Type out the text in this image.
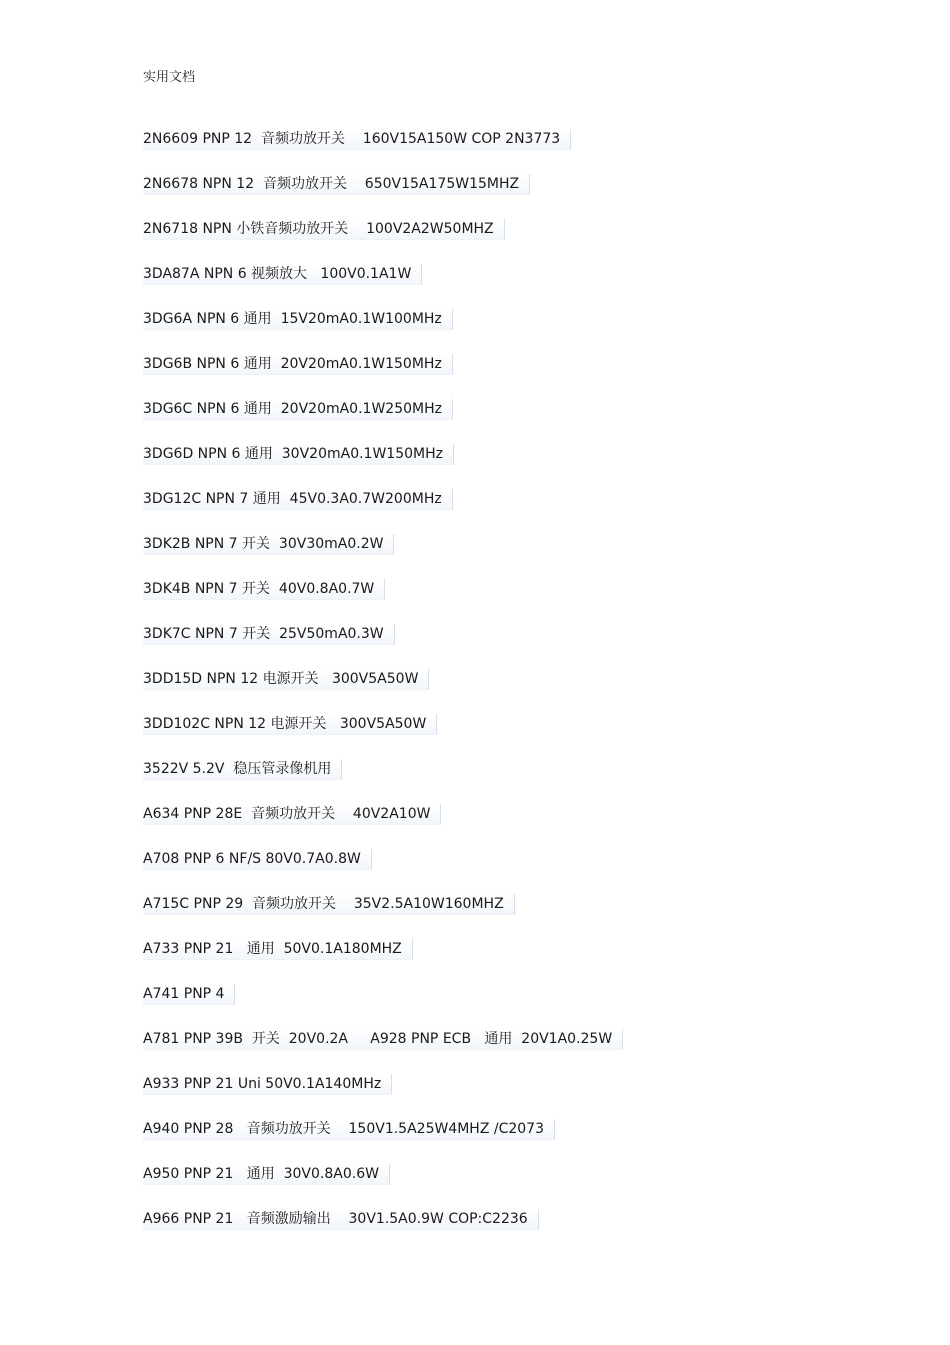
实用文档
2N6609 PNP 12  音频功放开关    160V15A150W COP 2N3773
2N6678 NPN 12  音频功放开关    650V15A175W15MHZ
2N6718 NPN 小铁音频功放开关    100V2A2W50MHZ
3DA87A NPN 6 视频放大   100V0.1A1W
3DG6A NPN 6 通用  15V20mA0.1W100MHz
3DG6B NPN 6 通用  20V20mA0.1W150MHz
3DG6C NPN 6 通用  20V20mA0.1W250MHz
3DG6D NPN 6 通用  30V20mA0.1W150MHz
3DG12C NPN 7 通用  45V0.3A0.7W200MHz
3DK2B NPN 7 开关  30V30mA0.2W
3DK4B NPN 7 开关  40V0.8A0.7W
3DK7C NPN 7 开关  25V50mA0.3W
3DD15D NPN 12 电源开关   300V5A50W
3DD102C NPN 12 电源开关   300V5A50W
3522V 5.2V  稳压管录像机用
A634 PNP 28E  音频功放开关    40V2A10W
A708 PNP 6 NF/S 80V0.7A0.8W
A715C PNP 29  音频功放开关    35V2.5A10W160MHZ
A733 PNP 21   通用  50V0.1A180MHZ
A741 PNP 4
A781 PNP 39B  开关  20V0.2A     A928 PNP ECB   通用  20V1A0.25W
A933 PNP 21 Uni 50V0.1A140MHz
A940 PNP 28   音频功放开关    150V1.5A25W4MHZ /C2073
A950 PNP 21   通用  30V0.8A0.6W
A966 PNP 21   音频激励输出    30V1.5A0.9W COP:C2236
